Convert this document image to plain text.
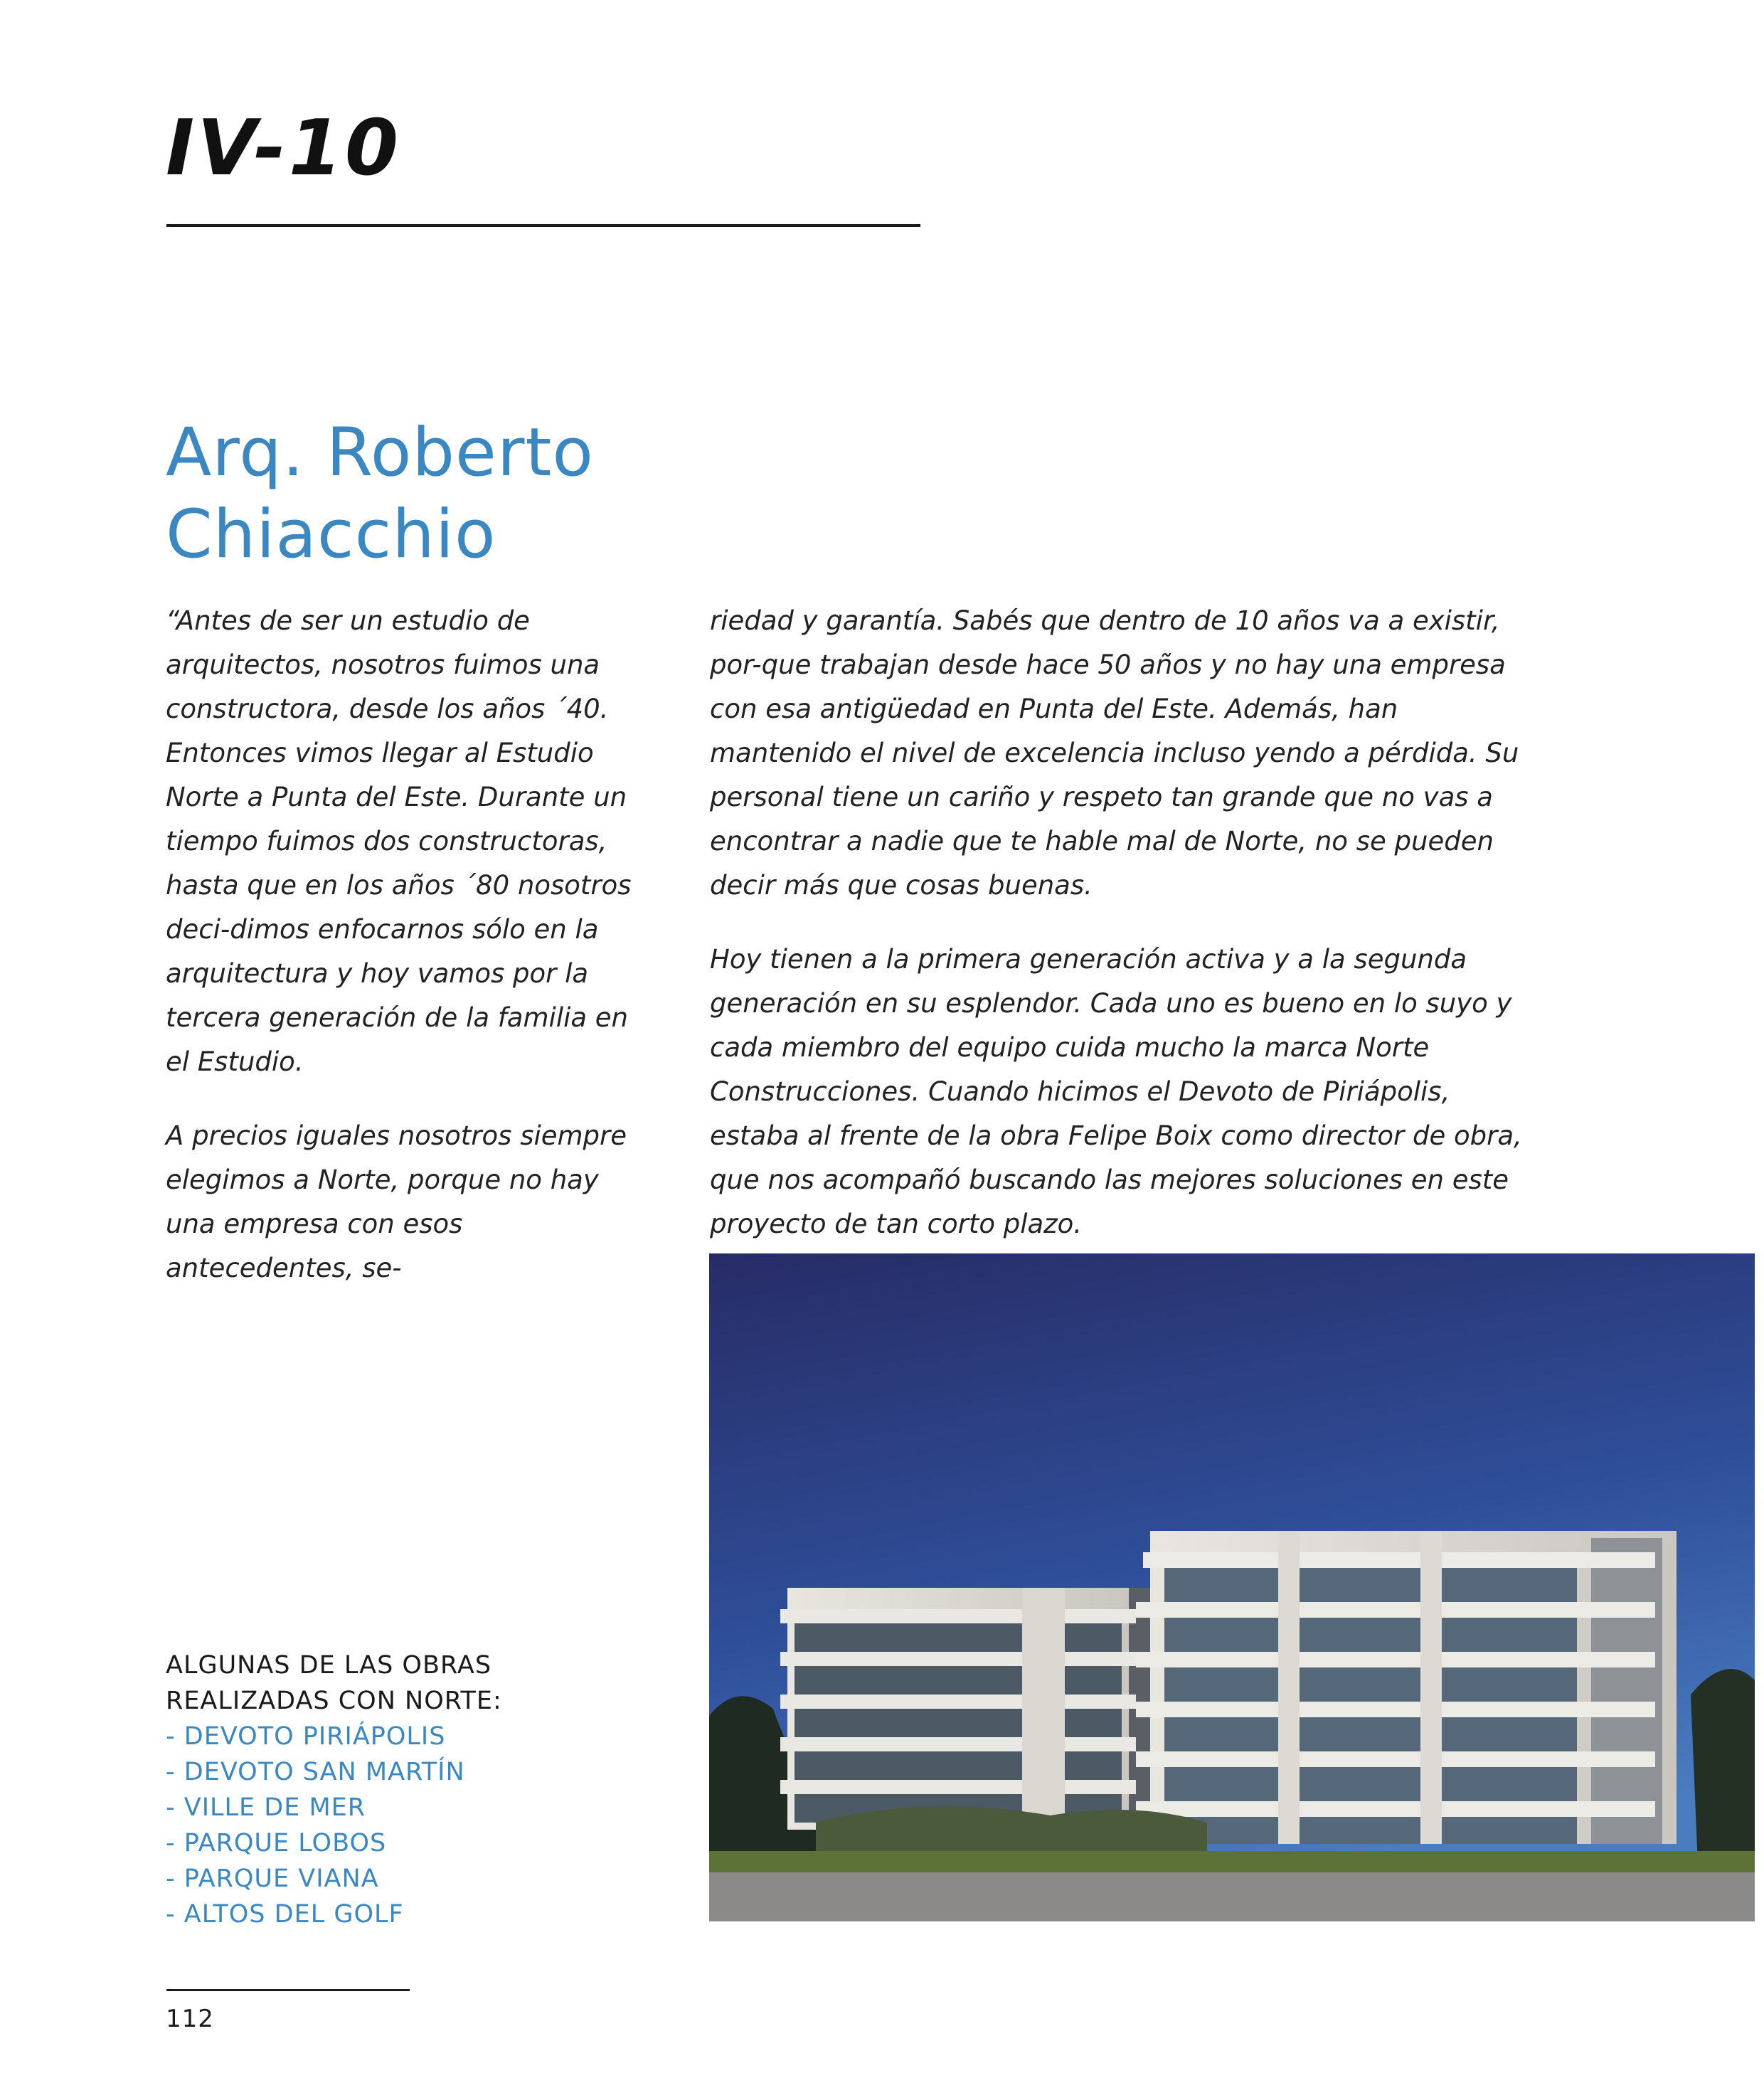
IV-10
Arq. Roberto
Chiacchio

“Antes de ser un estudio de arquitectos, nosotros fuimos una constructora, desde los años ´40. Entonces vimos llegar al Estudio Norte a Punta del Este. Durante un tiempo fuimos dos constructoras, hasta que en los años ´80 nosotros deci-dimos enfocarnos sólo en la arquitectura y hoy vamos por la tercera generación de la familia en el Estudio.

A precios iguales nosotros siempre elegimos a Norte, porque no hay una empresa con esos antecedentes, se-

riedad y garantía. Sabés que dentro de 10 años va a existir, por-que trabajan desde hace 50 años y no hay una empresa con esa antigüedad en Punta del Este. Además, han mantenido el nivel de excelencia incluso yendo a pérdida. Su personal tiene un cariño y respeto tan grande que no vas a encontrar a nadie que te hable mal de Norte, no se pueden decir más que cosas buenas.

Hoy tienen a la primera generación activa y a la segunda generación en su esplendor. Cada uno es bueno en lo suyo y cada miembro del equipo cuida mucho la marca Norte Construcciones. Cuando hicimos el Devoto de Piriápolis, estaba al frente de la obra Felipe Boix como director de obra, que nos acompañó buscando las mejores soluciones en este proyecto de tan corto plazo.

ALGUNAS DE LAS OBRAS
REALIZADAS CON NORTE:
- DEVOTO PIRIÁPOLIS
- DEVOTO SAN MARTÍN
- VILLE DE MER
- PARQUE LOBOS
- PARQUE VIANA
- ALTOS DEL GOLF
112
